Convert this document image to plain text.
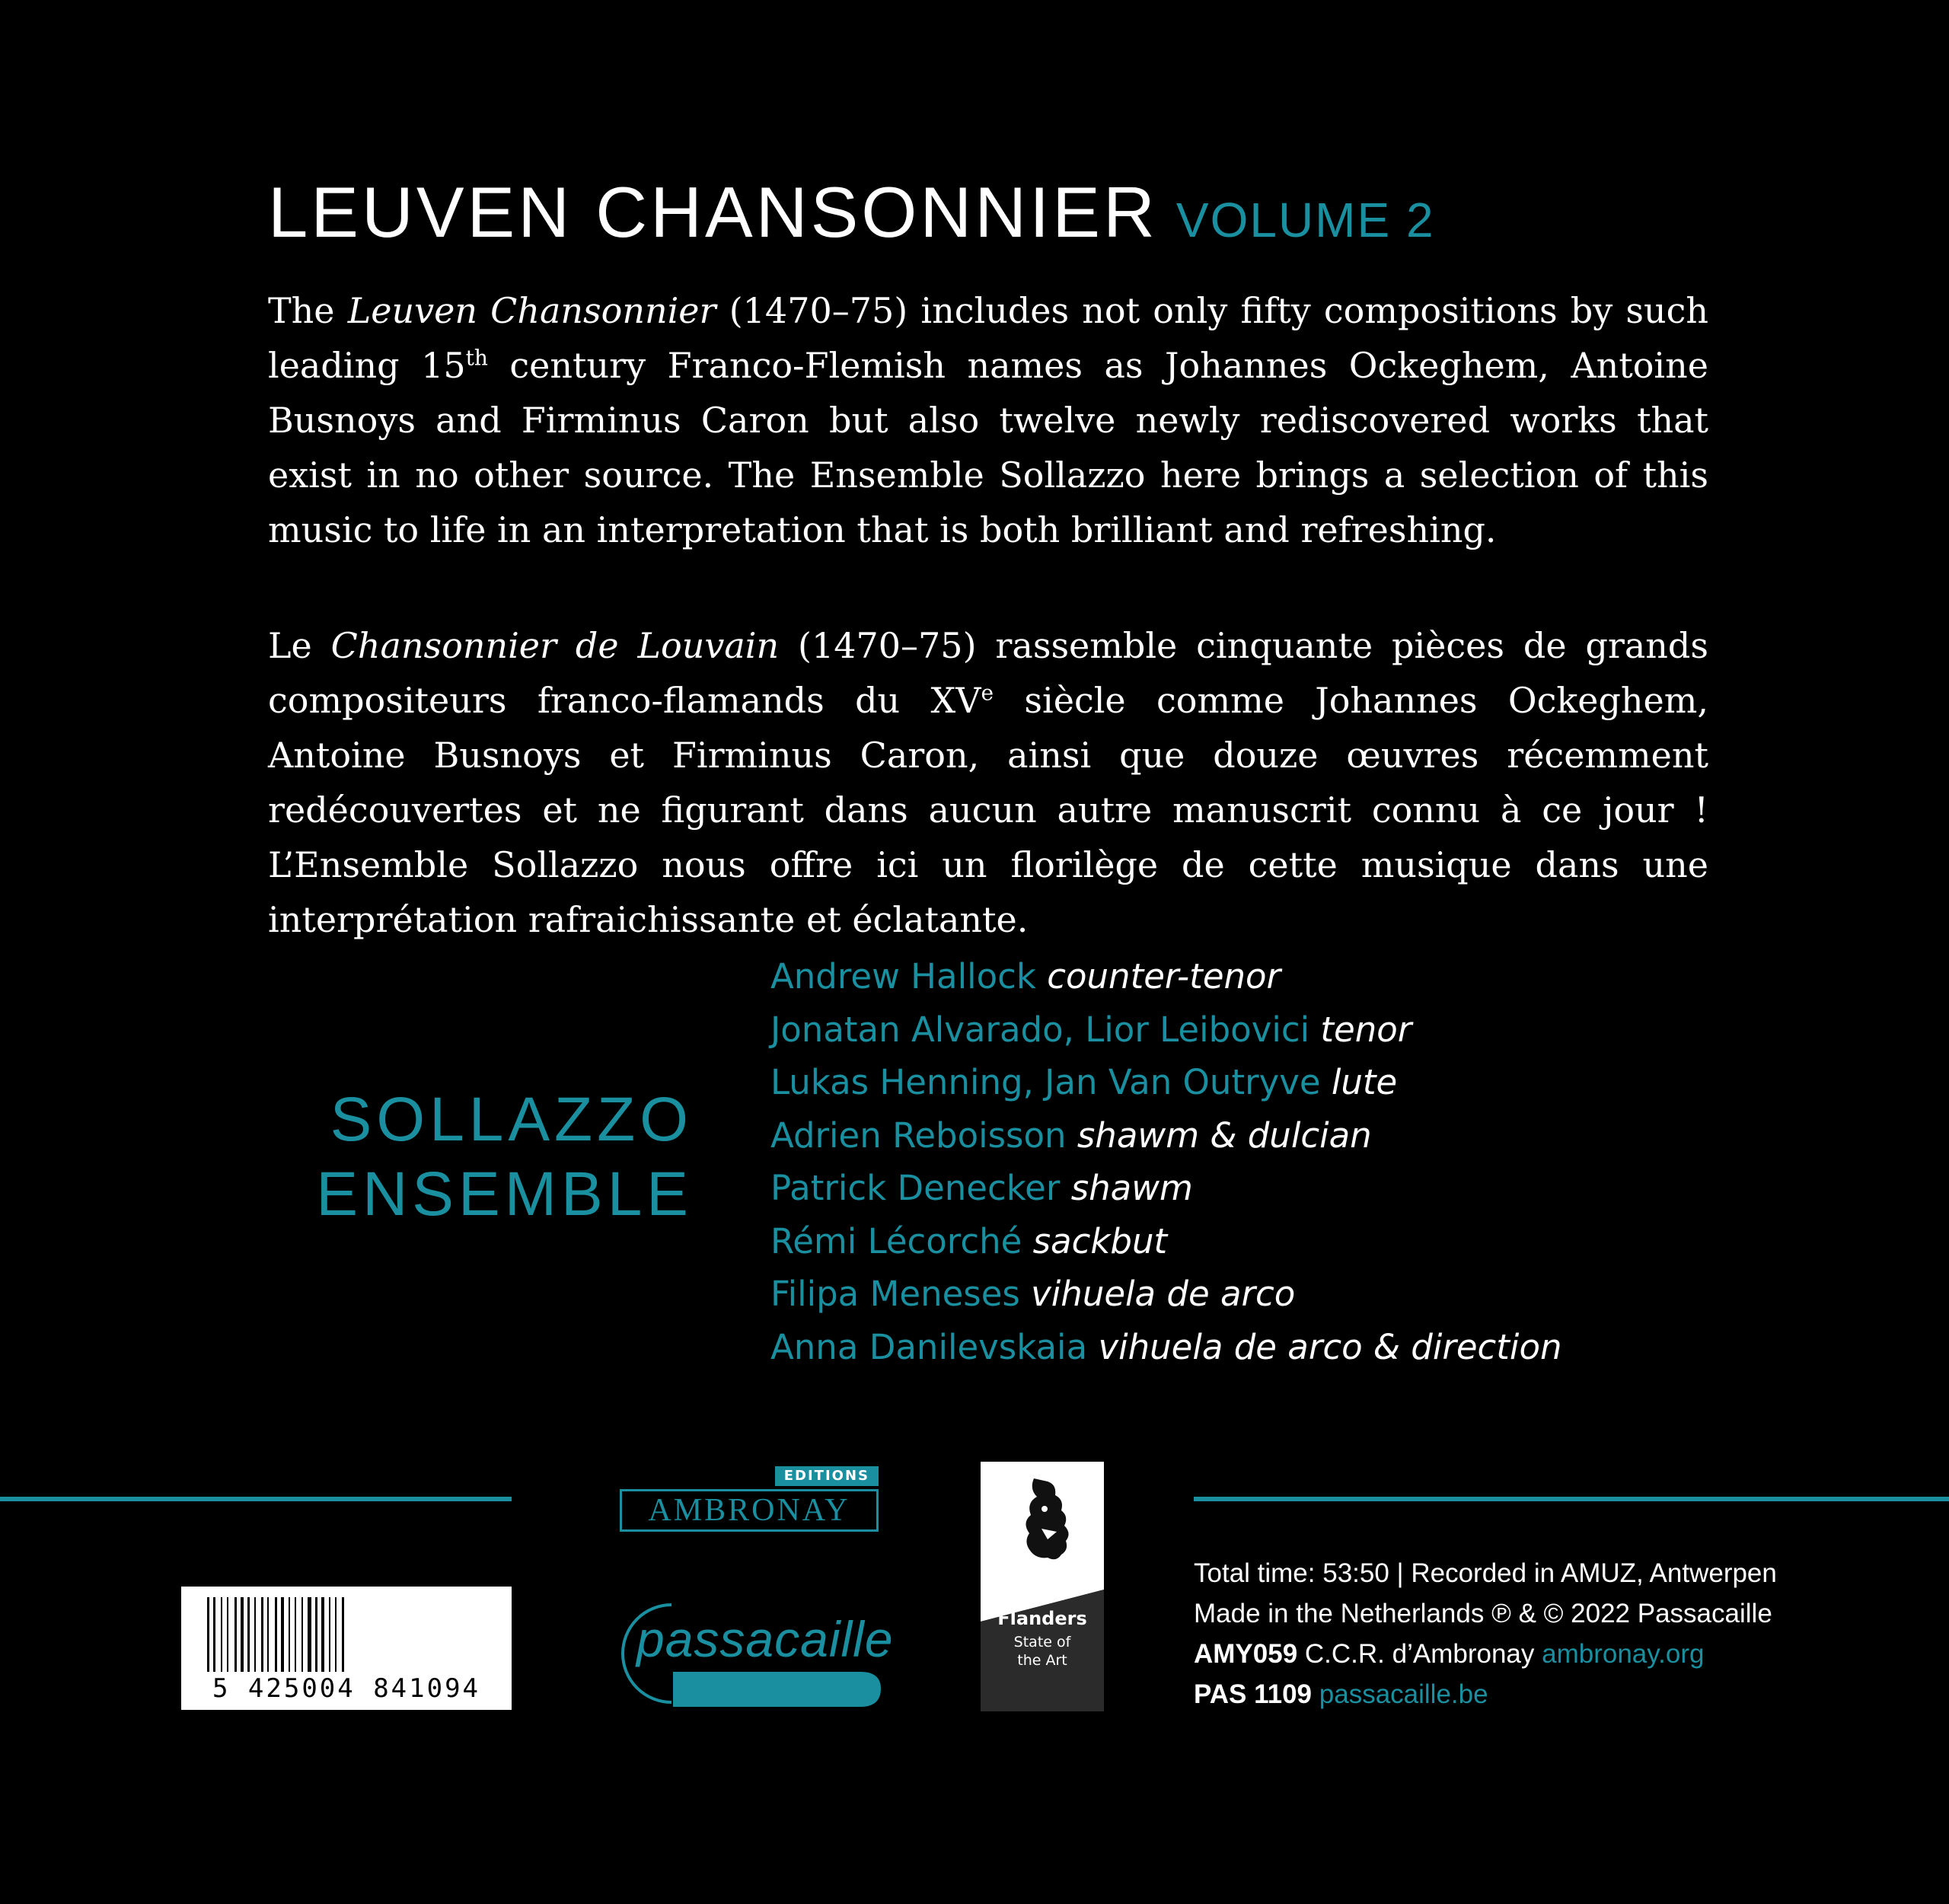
LEUVEN CHANSONNIER VOLUME 2
The Leuven Chansonnier (1470–75) includes not only fifty compositions by such leading 15th century Franco-Flemish names as Johannes Ockeghem, Antoine Busnoys and Firminus Caron but also twelve newly rediscovered works that exist in no other source. The Ensemble Sollazzo here brings a selection of this music to life in an interpretation that is both brilliant and refreshing.
Le Chansonnier de Louvain (1470–75) rassemble cinquante pièces de grands compositeurs franco-flamands du XVe siècle comme Johannes Ockeghem, Antoine Busnoys et Firminus Caron, ainsi que douze œuvres récemment redécouvertes et ne figurant dans aucun autre manuscrit connu à ce jour ! L’Ensemble Sollazzo nous offre ici un florilège de cette musique dans une interprétation rafraichissante et éclatante.
SOLLAZZO
ENSEMBLE
Andrew Hallock counter-tenor
Jonatan Alvarado, Lior Leibovici tenor
Lukas Henning, Jan Van Outryve lute
Adrien Reboisson shawm & dulcian
Patrick Denecker shawm
Rémi Lécorché sackbut
Filipa Meneses vihuela de arco
Anna Danilevskaia vihuela de arco & direction
EDITIONS
AMBRONAY
5 425004 841094
passacaille	Flanders
State of
the Art
Total time: 53:50 | Recorded in AMUZ, Antwerpen
Made in the Netherlands ℗ & © 2022 Passacaille
AMY059 C.C.R. d’Ambronay ambronay.org
PAS 1109 passacaille.be
